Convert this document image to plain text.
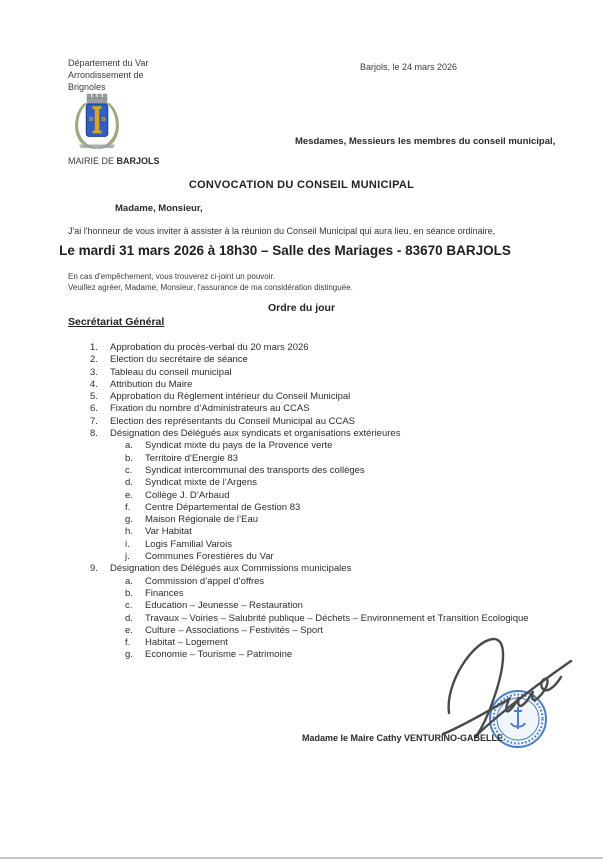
Département du Var
Arrondissement de
Brignoles
B B
MAIRIE DE BARJOLS
Barjols, le 24 mars 2026
Mesdames, Messieurs les membres du conseil municipal,
CONVOCATION DU CONSEIL MUNICIPAL
Madame, Monsieur,
J'ai l'honneur de vous inviter à assister à la réunion du Conseil Municipal qui aura lieu, en séance ordinaire,
Le mardi 31 mars 2026 à 18h30 – Salle des Mariages - 83670 BARJOLS
En cas d'empêchement, vous trouverez ci-joint un pouvoir.
Veuillez agréer, Madame, Monsieur, l'assurance de ma considération distinguée.
Ordre du jour
Secrétariat Général
1.	Approbation du procès-verbal du 20 mars 2026
2.	Election du secrétaire de séance
3.	Tableau du conseil municipal
4.	Attribution du Maire
5.	Approbation du Règlement intérieur du Conseil Municipal
6.	Fixation du nombre d’Administrateurs au CCAS
7.	Election des représentants du Conseil Municipal au CCAS
8.	Désignation des Délégués aux syndicats et organisations extérieures
a.	Syndicat mixte du pays de la Provence verte
b.	Territoire d’Energie 83
c.	Syndicat intercommunal des transports des collèges
d.	Syndicat mixte de l’Argens
e.	Collège J. D’Arbaud
f.	Centre Départemental de Gestion 83
g.	Maison Régionale de l’Eau
h.	Var Habitat
i.	Logis Familial Varois
j.	Communes Forestières du Var
9.	Désignation des Délégués aux Commissions municipales
a.	Commission d’appel d’offres
b.	Finances
c.	Education – Jeunesse – Restauration
d.	Travaux – Voiries – Salubrité publique – Déchets – Environnement et Transition Ecologique
e.	Culture – Associations – Festivités – Sport
f.	Habitat – Logement
g.	Economie – Tourisme – Patrimoine
Madame le Maire Cathy VENTURINO-GABELLE
